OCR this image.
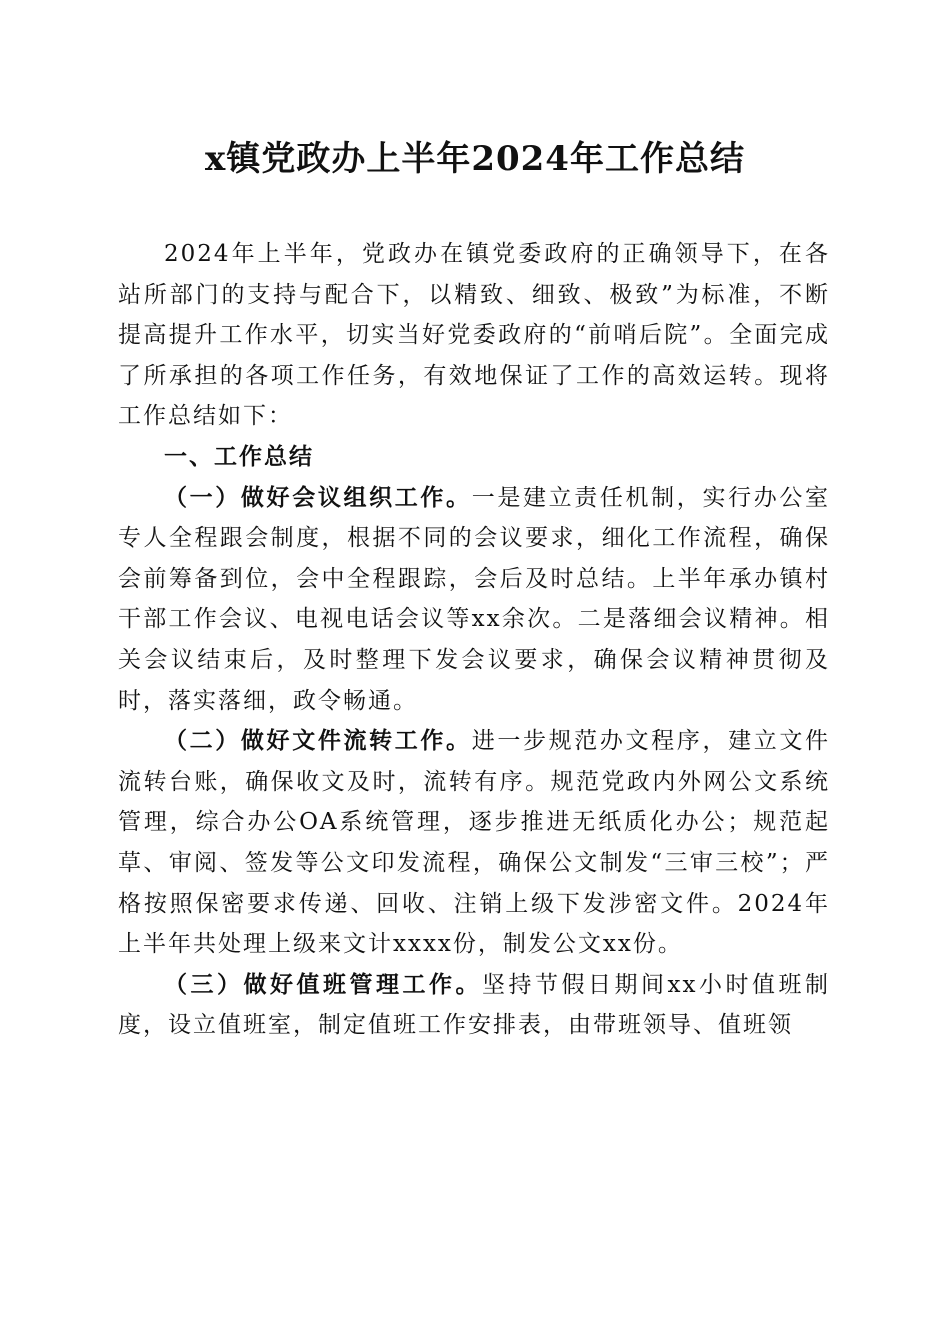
x镇党政办上半年2024年工作总结

2024年上半年，党政办在镇党委政府的正确领导下，在各站所部门的支持与配合下，以精致、细致、极致”为标准，不断提高提升工作水平，切实当好党委政府的“前哨后院”。全面完成了所承担的各项工作任务，有效地保证了工作的高效运转。现将工作总结如下：

一、工作总结

（一）做好会议组织工作。一是建立责任机制，实行办公室专人全程跟会制度，根据不同的会议要求，细化工作流程，确保会前筹备到位，会中全程跟踪，会后及时总结。上半年承办镇村干部工作会议、电视电话会议等xx余次。二是落细会议精神。相关会议结束后，及时整理下发会议要求，确保会议精神贯彻及时，落实落细，政令畅通。

（二）做好文件流转工作。进一步规范办文程序，建立文件流转台账，确保收文及时，流转有序。规范党政内外网公文系统管理，综合办公OA系统管理，逐步推进无纸质化办公；规范起草、审阅、签发等公文印发流程，确保公文制发“三审三校”；严格按照保密要求传递、回收、注销上级下发涉密文件。2024年上半年共处理上级来文计xxxx份，制发公文xx份。

（三）做好值班管理工作。坚持节假日期间xx小时值班制度，设立值班室，制定值班工作安排表，由带班领导、值班领
